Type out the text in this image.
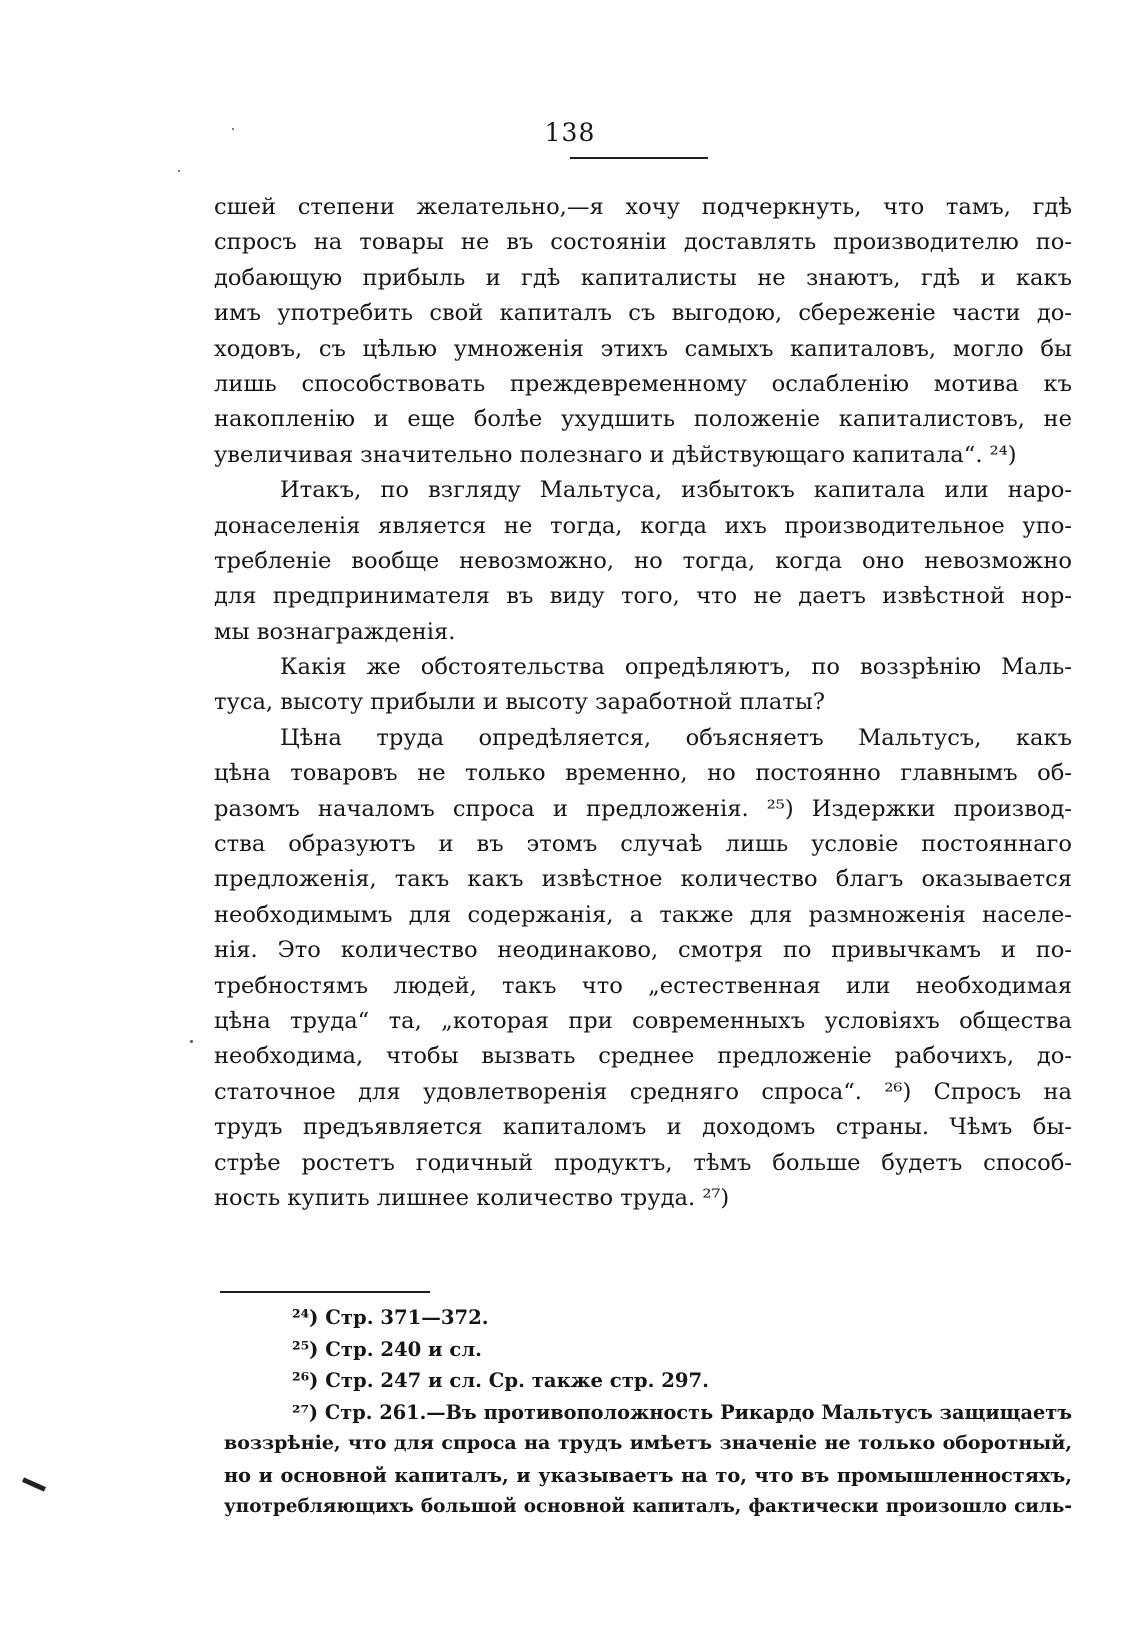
138
сшей степени желательно,—я хочу подчеркнуть, что тамъ, гдѣ
спросъ на товары не въ состояніи доставлять производителю по-
добающую прибыль и гдѣ капиталисты не знаютъ, гдѣ и какъ
имъ употребить свой капиталъ съ выгодою, сбереженіе части до-
ходовъ, съ цѣлью умноженія этихъ самыхъ капиталовъ, могло бы
лишь способствовать преждевременному ослабленію мотива къ
накопленію и еще болѣе ухудшить положеніе капиталистовъ, не
увеличивая значительно полезнаго и дѣйствующаго капитала“. ²⁴)
Итакъ, по взгляду Мальтуса, избытокъ капитала или наро-
донаселенія является не тогда, когда ихъ производительное упо-
требленіе вообще невозможно, но тогда, когда оно невозможно
для предпринимателя въ виду того, что не даетъ извѣстной нор-
мы вознагражденія.
Какія же обстоятельства опредѣляютъ, по воззрѣнію Маль-
туса, высоту прибыли и высоту заработной платы?
Цѣна труда опредѣляется, объясняетъ Мальтусъ, какъ
цѣна товаровъ не только временно, но постоянно главнымъ об-
разомъ началомъ спроса и предложенія. ²⁵) Издержки производ-
ства образуютъ и въ этомъ случаѣ лишь условіе постояннаго
предложенія, такъ какъ извѣстное количество благъ оказывается
необходимымъ для содержанія, а также для размноженія населе-
нія. Это количество неодинаково, смотря по привычкамъ и по-
требностямъ людей, такъ что „естественная или необходимая
цѣна труда“ та, „которая при современныхъ условіяхъ общества
необходима, чтобы вызвать среднее предложеніе рабочихъ, до-
статочное для удовлетворенія средняго спроса“. ²⁶) Спросъ на
трудъ предъявляется капиталомъ и доходомъ страны. Чѣмъ бы-
стрѣе ростетъ годичный продуктъ, тѣмъ больше будетъ способ-
ность купить лишнее количество труда. ²⁷)
²⁴) Стр. 371—372.
²⁵) Стр. 240 и сл.
²⁶) Стр. 247 и сл. Ср. также стр. 297.
²⁷) Стр. 261.—Въ противоположность Рикардо Мальтусъ защищаетъ
воззрѣніе, что для спроса на трудъ имѣетъ значеніе не только оборотный,
но и основной капиталъ, и указываетъ на то, что въ промышленностяхъ,
употребляющихъ большой основной капиталъ, фактически произошло силь-
